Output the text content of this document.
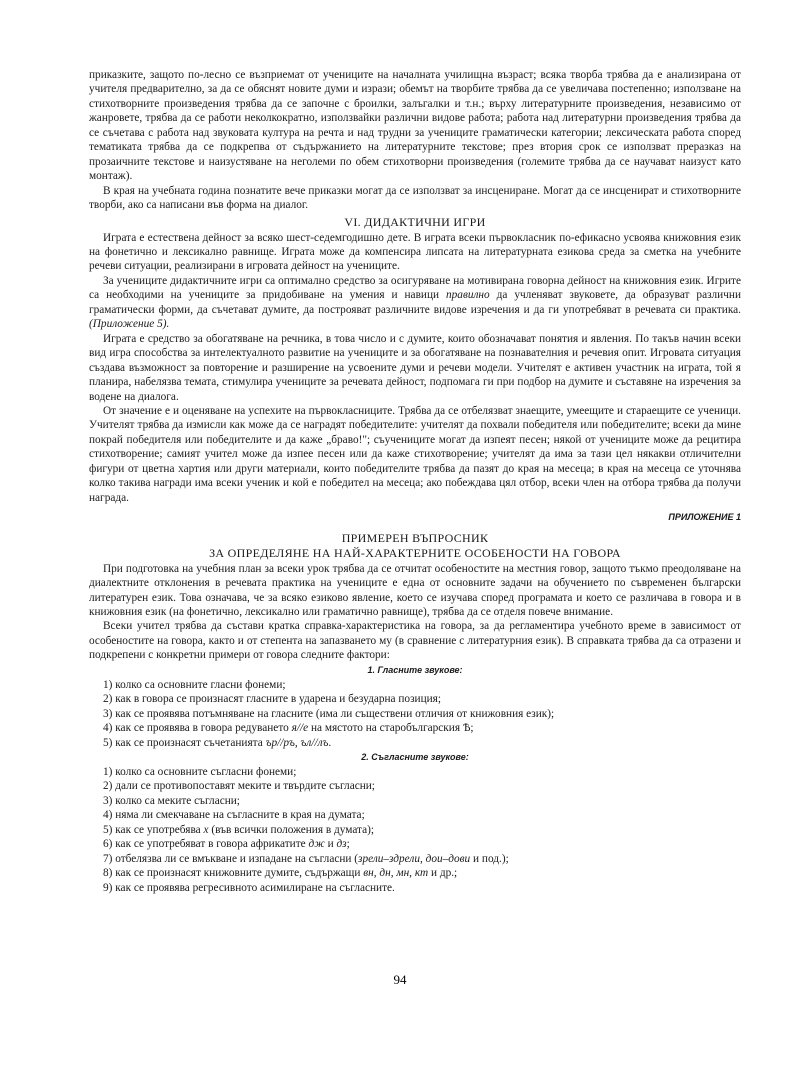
приказките, защото по-лесно се възприемат от учениците на началната училищна възраст; всяка творба трябва да е анализирана от учителя предварително, за да се обяснят новите думи и изрази; обемът на творбите трябва да се увеличава постепенно; използване на стихотворните произведения трябва да се започне с броилки, залъгалки и т.н.; върху литературните произведения, независимо от жанровете, трябва да се работи неколкократно, използвайки различни видове работа; работа над литературни произведения трябва да се съчетава с работа над звуковата култура на речта и над трудни за учениците граматически категории; лексическата работа според тематиката трябва да се подкрепва от съдържанието на литературните текстове; през втория срок се използват преразказ на прозаичните текстове и наизустяване на неголеми по обем стихотворни произведения (големите трябва да се научават наизуст като монтаж).

В края на учебната година познатите вече приказки могат да се използват за инсцениране. Могат да се инсценират и стихотворните творби, ако са написани във форма на диалог.

VI. ДИДАКТИЧНИ ИГРИ

Играта е естествена дейност за всяко шест-седемгодишно дете. В играта всеки първокласник по-ефикасно усвоява книжовния език на фонетично и лексикално равнище. Играта може да компенсира липсата на литературната езикова среда за сметка на учебните речеви ситуации, реализирани в игровата дейност на учениците.

За учениците дидактичните игри са оптимално средство за осигуряване на мотивирана говорна дейност на книжовния език. Игрите са необходими на учениците за придобиване на умения и навици правилно да учленяват звуковете, да образуват различни граматически форми, да съчетават думите, да построяват различните видове изречения и да ги употребяват в речевата си практика. (Приложение 5).

Играта е средство за обогатяване на речника, в това число и с думите, които обозначават понятия и явления. По такъв начин всеки вид игра способства за интелектуалното развитие на учениците и за обогатяване на познавателния и речевия опит. Игровата ситуация създава възможност за повторение и разширение на усвоените думи и речеви модели. Учителят е активен участник на играта, той я планира, набелязва темата, стимулира учениците за речевата дейност, подпомага ги при подбор на думите и съставяне на изречения за водене на диалога.

От значение е и оценяване на успехите на първокласниците. Трябва да се отбелязват знаещите, умеещите и стараещите се ученици. Учителят трябва да измисли как може да се наградят победителите: учителят да похвали победителя или победителите; всеки да мине покрай победителя или победителите и да каже „браво!"; съучениците могат да изпеят песен; някой от учениците може да рецитира стихотворение; самият учител може да изпее песен или да каже стихотворение; учителят да има за тази цел някакви отличителни фигури от цветна хартия или други материали, които победителите трябва да пазят до края на месеца; в края на месеца се уточнява колко такива награди има всеки ученик и кой е победител на месеца; ако побеждава цял отбор, всеки член на отбора трябва да получи награда.

ПРИЛОЖЕНИЕ 1
ПРИМЕРЕН ВЪПРОСНИК
ЗА ОПРЕДЕЛЯНЕ НА НАЙ-ХАРАКТЕРНИТЕ ОСОБЕНОСТИ НА ГОВОРА

При подготовка на учебния план за всеки урок трябва да се отчитат особеностите на местния говор, защото тъкмо преодоляване на диалектните отклонения в речевата практика на учениците е една от основните задачи на обучението по съвременен български литературен език. Това означава, че за всяко езиково явление, което се изучава според програмата и което се различава в говора и в книжовния език (на фонетично, лексикално или граматично равнище), трябва да се отделя повече внимание.

Всеки учител трябва да състави кратка справка-характеристика на говора, за да регламентира учебното време в зависимост от особеностите на говора, както и от степента на запазването му (в сравнение с литературния език). В справката трябва да са отразени и подкрепени с конкретни примери от говора следните фактори:

1. Гласните звукове:
1) колко са основните гласни фонеми;
2) как в говора се произнасят гласните в ударена и безударна позиция;
3) как се проявява потъмняване на гласните (има ли съществени отличия от книжовния език);
4) как се проявява в говора редуването я//е на мястото на старобългарския Ѣ;
5) как се произнасят съчетанията ър//ръ, ъл//лъ.
2. Съгласните звукове:
1) колко са основните съгласни фонеми;
2) дали се противопоставят меките и твърдите съгласни;
3) колко са меките съгласни;
4) няма ли смекчаване на съгласните в края на думата;
5) как се употребява х (във всички положения в думата);
6) как се употребяват в говора африкатите дж и дз;
7) отбелязва ли се вмъкване и изпадане на съгласни (зрели–здрели, дои–дови и под.);
8) как се произнасят книжовните думите, съдържащи вн, дн, мн, кт и др.;
9) как се проявява регресивното асимилиране на съгласните.
94
